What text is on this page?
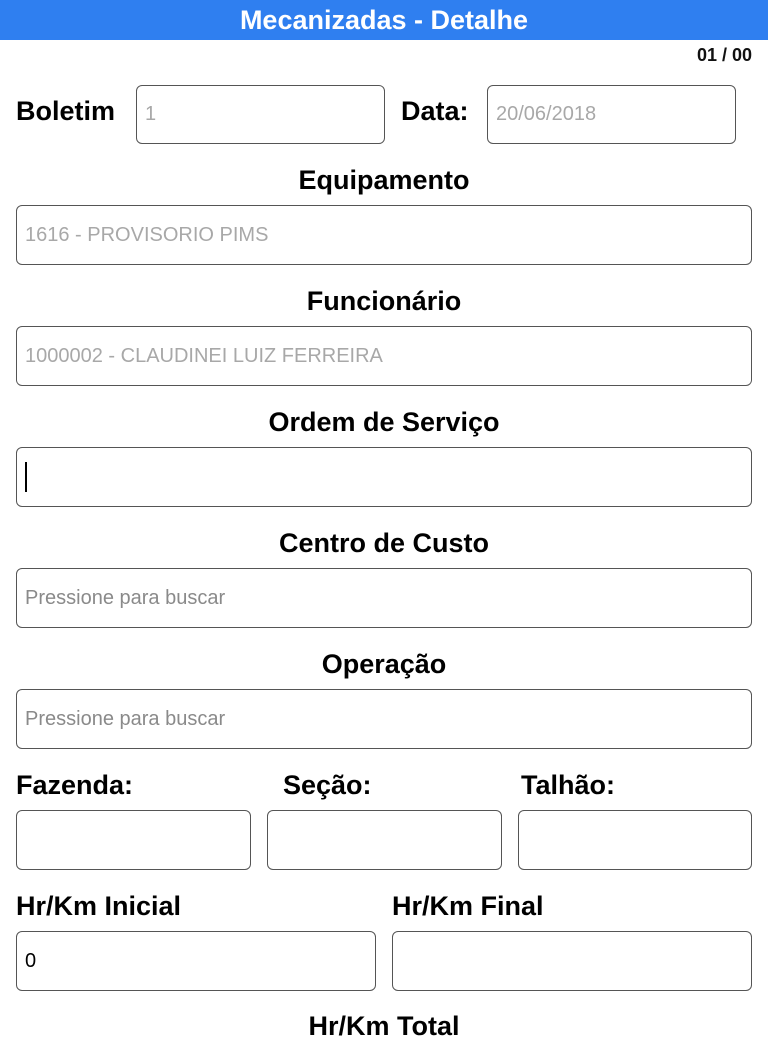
Mecanizadas - Detalhe
01 / 00
Boletim 1	Data: 20/06/2018
Equipamento
1616 - PROVISORIO PIMS
Funcionário
1000002 - CLAUDINEI LUIZ FERREIRA
Ordem de Serviço
Centro de Custo
Pressione para buscar
Operação
Pressione para buscar
Fazenda:	Seção:	Talhão:
Hr/Km Inicial
0
Hr/Km Final
Hr/Km Total
